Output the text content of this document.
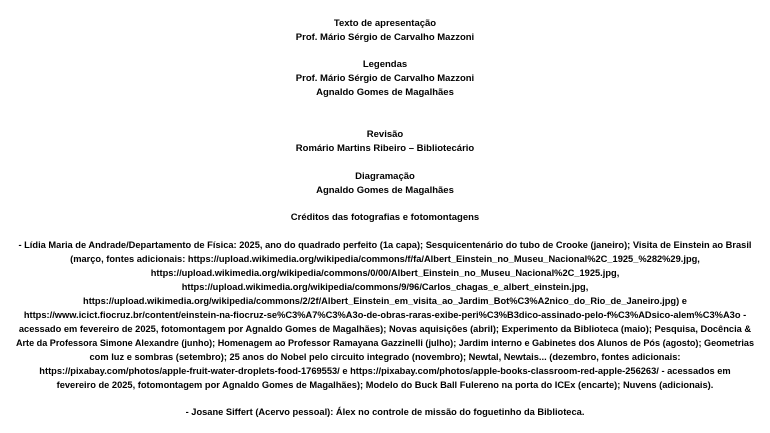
Texto de apresentação
Prof. Mário Sérgio de Carvalho Mazzoni
Legendas
Prof. Mário Sérgio de Carvalho Mazzoni
Agnaldo Gomes de Magalhães
Revisão
Romário Martins Ribeiro – Bibliotecário
Diagramação
Agnaldo Gomes de Magalhães
Créditos das fotografias e fotomontagens
- Lídia Maria de Andrade/Departamento de Física: 2025, ano do quadrado perfeito (1a capa); Sesquicentenário do tubo de Crooke (janeiro); Visita de Einstein ao Brasil
(março, fontes adicionais: https://upload.wikimedia.org/wikipedia/commons/f/fa/Albert_Einstein_no_Museu_Nacional%2C_1925_%282%29.jpg,
https://upload.wikimedia.org/wikipedia/commons/0/00/Albert_Einstein_no_Museu_Nacional%2C_1925.jpg,
https://upload.wikimedia.org/wikipedia/commons/9/96/Carlos_chagas_e_albert_einstein.jpg,
https://upload.wikimedia.org/wikipedia/commons/2/2f/Albert_Einstein_em_visita_ao_Jardim_Bot%C3%A2nico_do_Rio_de_Janeiro.jpg) e
https://www.icict.fiocruz.br/content/einstein-na-fiocruz-se%C3%A7%C3%A3o-de-obras-raras-exibe-peri%C3%B3dico-assinado-pelo-f%C3%ADsico-alem%C3%A3o -
acessado em fevereiro de 2025, fotomontagem por Agnaldo Gomes de Magalhães); Novas aquisições (abril); Experimento da Biblioteca (maio); Pesquisa, Docência &
Arte da Professora Simone Alexandre (junho); Homenagem ao Professor Ramayana Gazzinelli (julho); Jardim interno e Gabinetes dos Alunos de Pós (agosto); Geometrias
com luz e sombras (setembro); 25 anos do Nobel pelo circuito integrado (novembro); Newtal, Newtais... (dezembro, fontes adicionais:
https://pixabay.com/photos/apple-fruit-water-droplets-food-1769553/ e https://pixabay.com/photos/apple-books-classroom-red-apple-256263/ - acessados em
fevereiro de 2025, fotomontagem por Agnaldo Gomes de Magalhães); Modelo do Buck Ball Fulereno na porta do ICEx (encarte); Nuvens (adicionais).
- Josane Siffert (Acervo pessoal): Álex no controle de missão do foguetinho da Biblioteca.
